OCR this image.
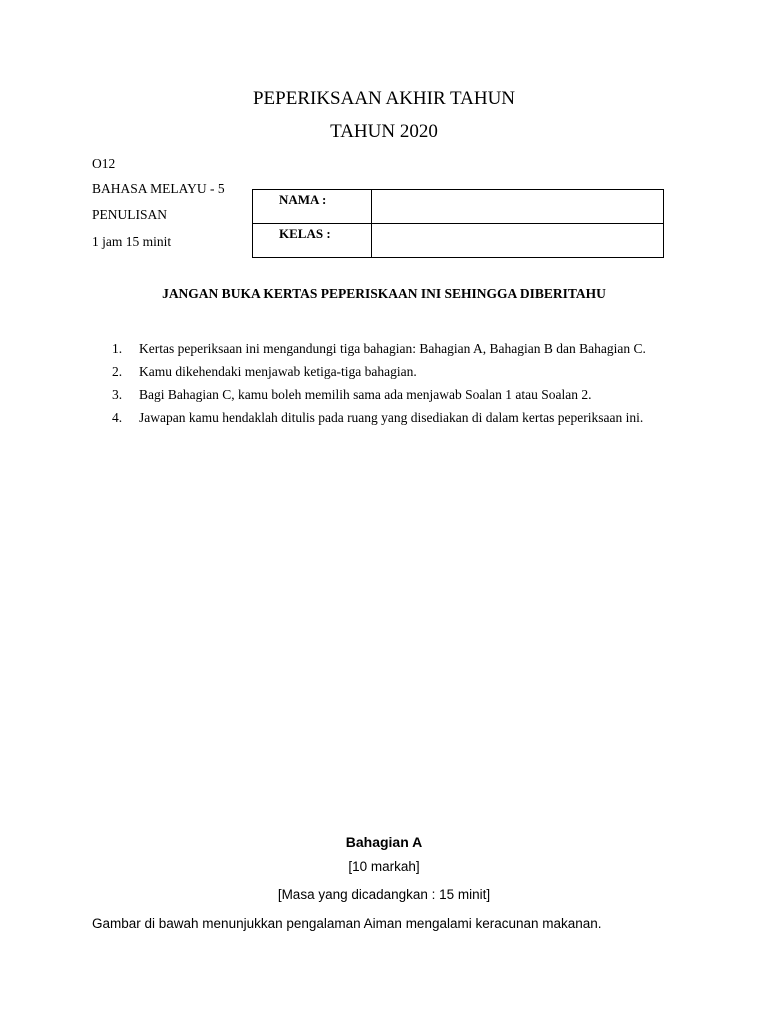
PEPERIKSAAN AKHIR TAHUN
TAHUN 2020
O12
BAHASA MELAYU - 5
PENULISAN
1 jam 15 minit
NAMA :	
KELAS :	
JANGAN BUKA KERTAS PEPERISKAAN INI SEHINGGA DIBERITAHU
1. Kertas peperiksaan ini mengandungi tiga bahagian: Bahagian A, Bahagian B dan Bahagian C.
2. Kamu dikehendaki menjawab ketiga-tiga bahagian.
3. Bagi Bahagian C, kamu boleh memilih sama ada menjawab Soalan 1 atau Soalan 2.
4. Jawapan kamu hendaklah ditulis pada ruang yang disediakan di dalam kertas peperiksaan ini.
Bahagian A
[10 markah]
[Masa yang dicadangkan : 15 minit]
Gambar di bawah menunjukkan pengalaman Aiman mengalami keracunan makanan.
